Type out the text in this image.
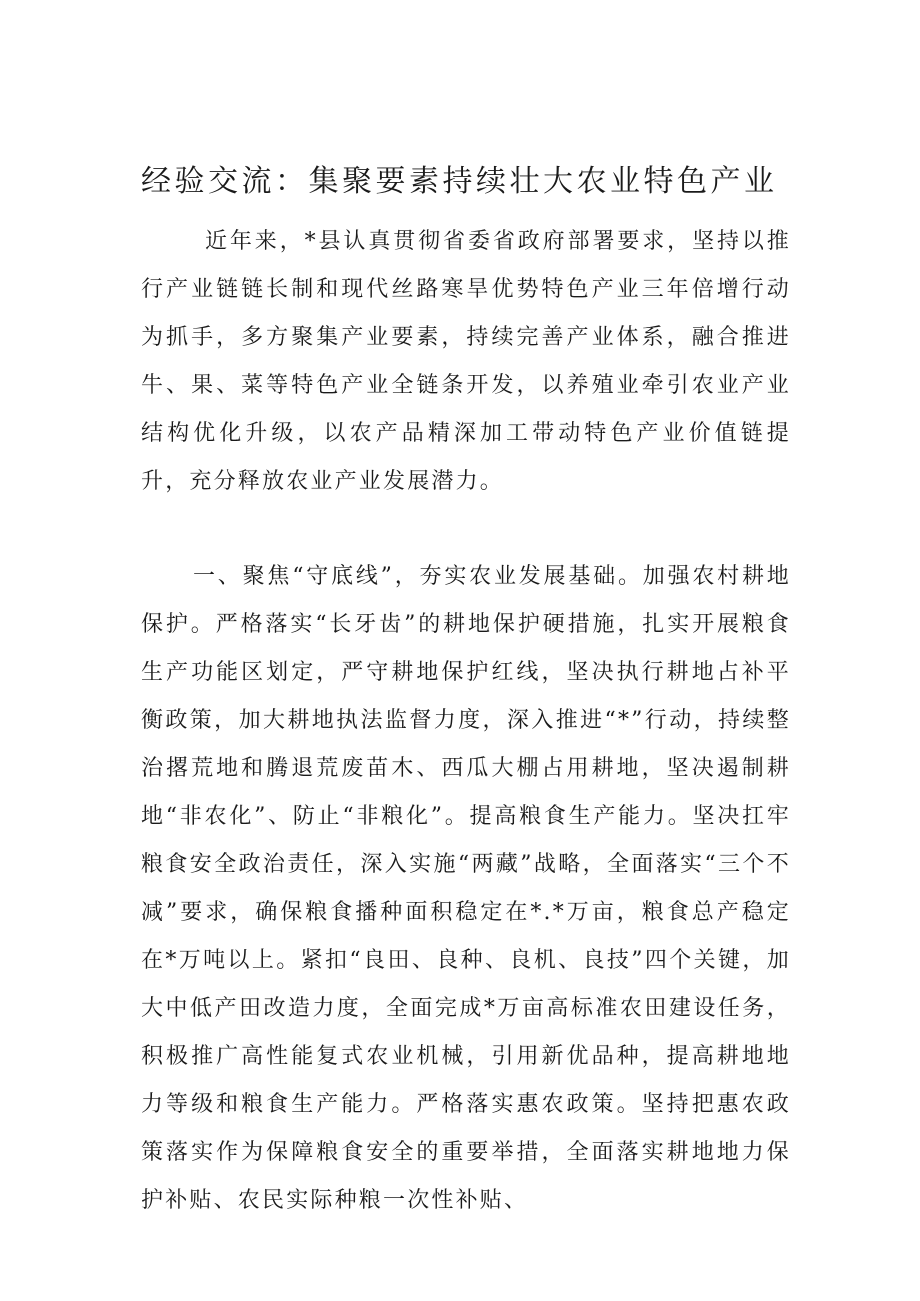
经验交流：集聚要素持续壮大农业特色产业

近年来，*县认真贯彻省委省政府部署要求，坚持以推行产业链链长制和现代丝路寒旱优势特色产业三年倍增行动为抓手，多方聚集产业要素，持续完善产业体系，融合推进牛、果、菜等特色产业全链条开发，以养殖业牵引农业产业结构优化升级，以农产品精深加工带动特色产业价值链提升，充分释放农业产业发展潜力。

一、聚焦“守底线”，夯实农业发展基础。加强农村耕地保护。严格落实“长牙齿”的耕地保护硬措施，扎实开展粮食生产功能区划定，严守耕地保护红线，坚决执行耕地占补平衡政策，加大耕地执法监督力度，深入推进“*”行动，持续整治撂荒地和腾退荒废苗木、西瓜大棚占用耕地，坚决遏制耕地“非农化”、防止“非粮化”。提高粮食生产能力。坚决扛牢粮食安全政治责任，深入实施“两藏”战略，全面落实“三个不减”要求，确保粮食播种面积稳定在*.*万亩，粮食总产稳定在*万吨以上。紧扣“良田、良种、良机、良技”四个关键，加大中低产田改造力度，全面完成*万亩高标准农田建设任务，积极推广高性能复式农业机械，引用新优品种，提高耕地地力等级和粮食生产能力。严格落实惠农政策。坚持把惠农政策落实作为保障粮食安全的重要举措，全面落实耕地地力保护补贴、农民实际种粮一次性补贴、
